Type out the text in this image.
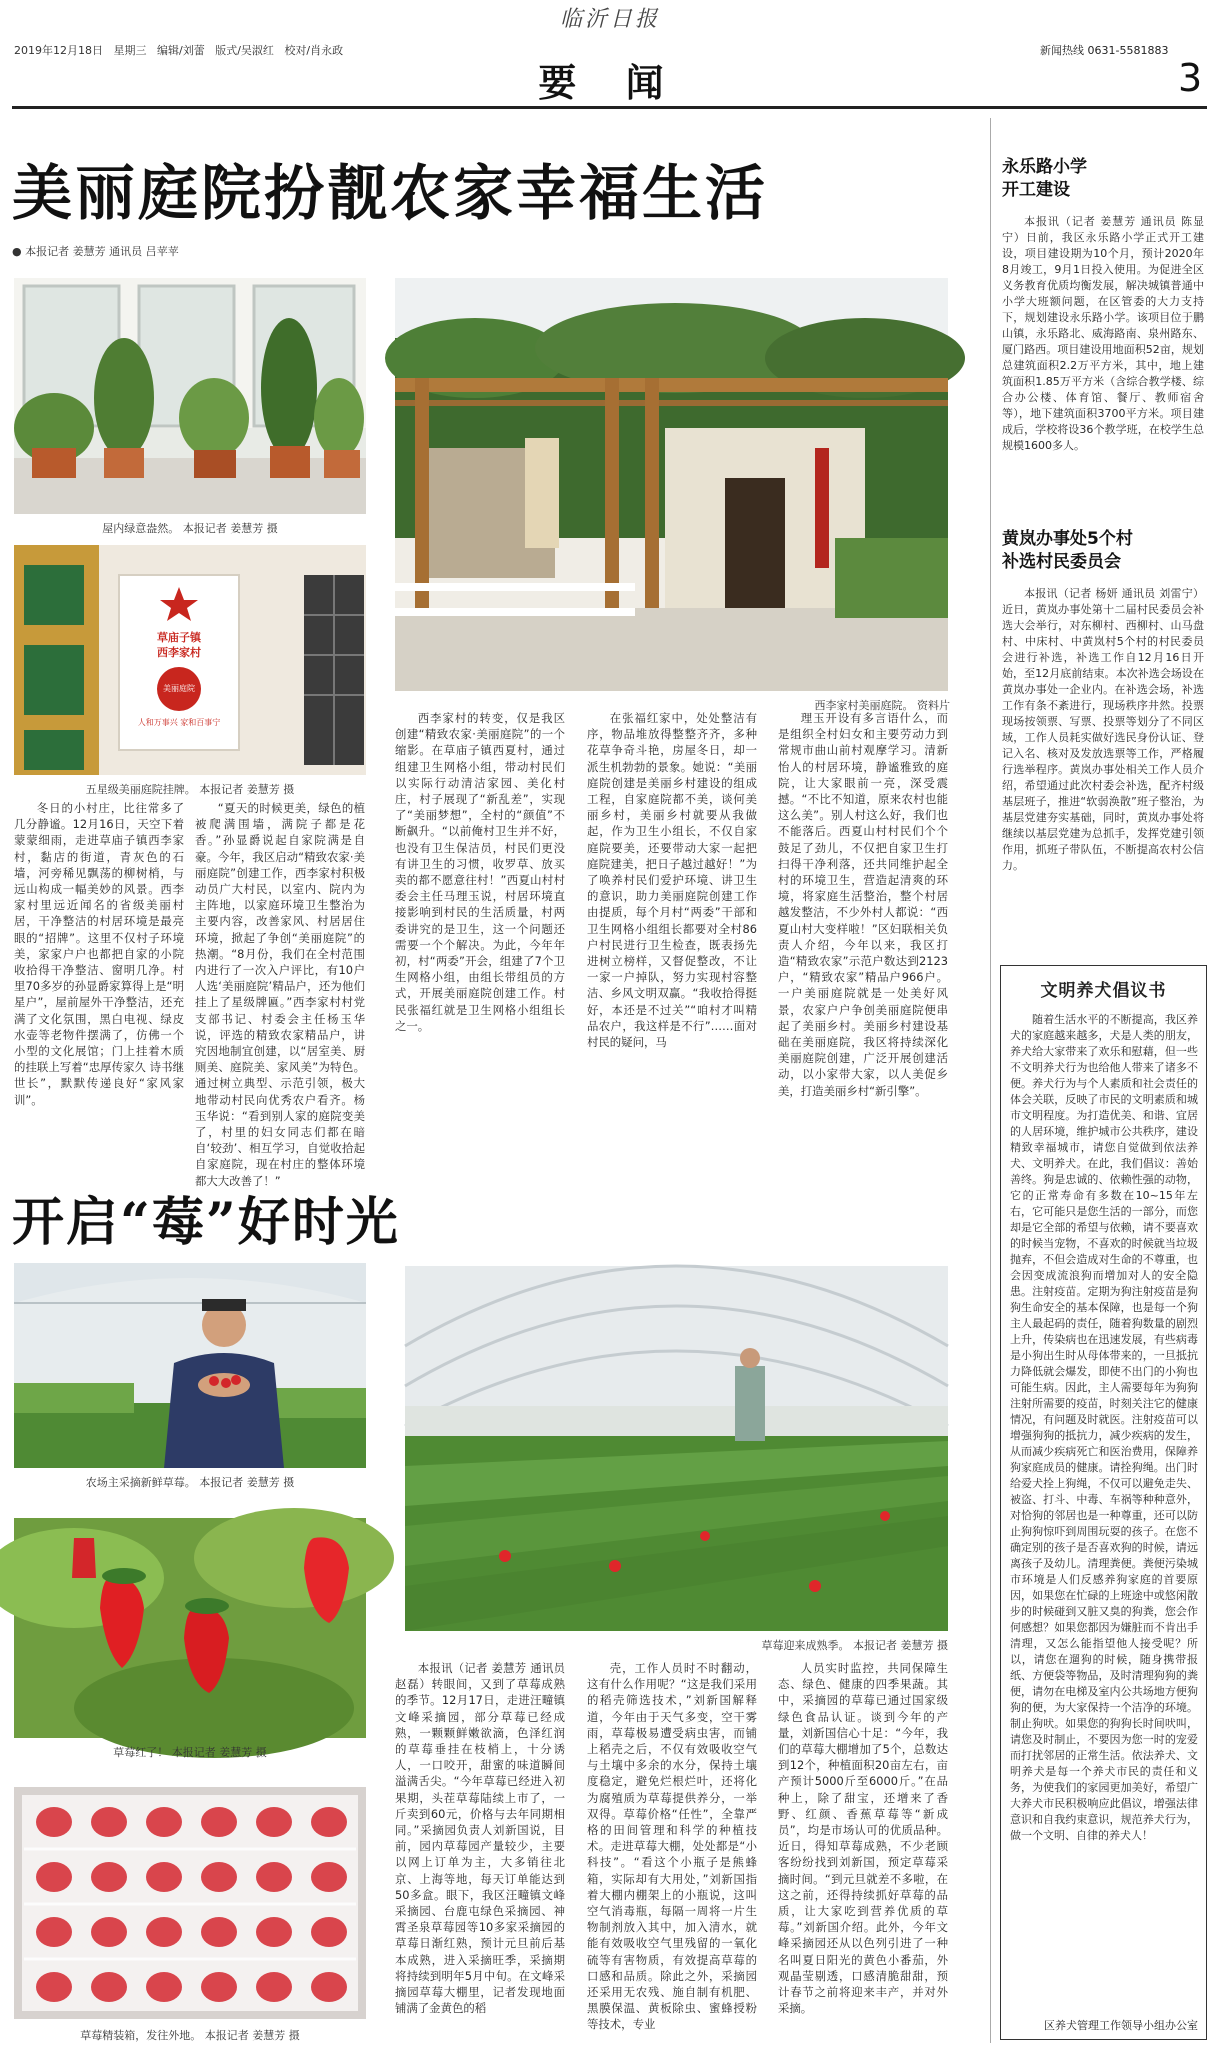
2019年12月18日 星期三 编辑/刘蕾 版式/吴淑红 校对/肖永政
临沂日报
要 闻
新闻热线 0631-5581883
3
美丽庭院扮靓农家幸福生活
● 本报记者 姜慧芳 通讯员 吕苹苹
屋内绿意盎然。 本报记者 姜慧芳 摄
草庙子镇
西李家村
美丽庭院
人和万事兴 家和百事宁
五星级美丽庭院挂牌。 本报记者 姜慧芳 摄
西李家村美丽庭院。 资料片

冬日的小村庄，比往常多了几分静谧。12月16日，天空下着蒙蒙细雨，走进草庙子镇西李家村，黏店的街道，青灰色的石墙，河旁稀见飘荡的柳树梢，与远山构成一幅美妙的风景。西李家村里远近闻名的省级美丽村居，干净整洁的村居环境是最亮眼的“招牌”。这里不仅村子环境美，家家户户也都把自家的小院收拾得干净整洁、窗明几净。村里70多岁的孙显爵家算得上是“明星户”，屋前屋外干净整洁，还充满了文化氛围，黑白电视、绿皮水壶等老物件摆满了，仿佛一个小型的文化展馆；门上挂着木质的挂联上写着“忠厚传家久 诗书继世长”，默默传递良好“家风家训”。

“夏天的时候更美，绿色的植被爬满围墙，满院子都是花香。”孙显爵说起自家院满是自豪。今年，我区启动“精致农家·美丽庭院”创建工作，西李家村积极动员广大村民，以室内、院内为主阵地，以家庭环境卫生整治为主要内容，改善家风、村居居住环境，掀起了争创“美丽庭院”的热潮。“8月份，我们在全村范围内进行了一次入户评比，有10户人选‘美丽庭院’精品户，还为他们挂上了星级牌匾。”西李家村村党支部书记、村委会主任杨玉华说，评选的精致农家精品户，讲究因地制宜创建，以“居室美、厨厕美、庭院美、家风美”为特色。通过树立典型、示范引领，极大地带动村民向优秀农户看齐。杨玉华说：“看到别人家的庭院变美了，村里的妇女同志们都在暗自‘较劲’、相互学习，自觉收拾起自家庭院，现在村庄的整体环境都大大改善了！”

西李家村的转变，仅是我区创建“精致农家·美丽庭院”的一个缩影。在草庙子镇西夏村，通过组建卫生网格小组，带动村民们以实际行动清洁家园、美化村庄，村子展现了“新乱差”，实现了“美丽梦想”，全村的“颜值”不断飙升。“以前俺村卫生并不好，也没有卫生保洁员，村民们更没有讲卫生的习惯，收罗草、放买卖的都不愿意往村！”西夏山村村委会主任马理玉说，村居环境直接影响到村民的生活质量，村两委讲究的是卫生，这一个问题还需要一个个解决。为此，今年年初，村“两委”开会，组建了7个卫生网格小组，由组长带组员的方式，开展美丽庭院创建工作。村民张福红就是卫生网格小组组长之一。

在张福红家中，处处整洁有序，物品堆放得整整齐齐，多种花草争奇斗艳，房屋冬日，却一派生机勃勃的景象。她说：“美丽庭院创建是美丽乡村建设的组成工程，自家庭院都不美，谈何美丽乡村，美丽乡村就要从我做起，作为卫生小组长，不仅自家庭院要美，还要带动大家一起把庭院建美，把日子越过越好！”为了唤养村民们爱护环境、讲卫生的意识，助力美丽庭院创建工作由提质，每个月村“两委”干部和卫生网格小组组长都要对全村86户村民进行卫生检查，既表扬先进树立榜样，又督促整改，不让一家一户掉队，努力实现村容整洁、乡风文明双赢。“我收拾得挺好，本还是不过关”“咱村才叫精品农户，我这样是不行”……面对村民的疑问，马

理玉开设有多言语什么，而是组织全村妇女和主要劳动力到常规市曲山前村观摩学习。清新怡人的村居环境，静谧雅致的庭院，让大家眼前一亮，深受震撼。“不比不知道，原来农村也能这么美”。别人村这么好，我们也不能落后。西夏山村村民们个个鼓足了劲儿，不仅把自家卫生打扫得干净利落，还共同维护起全村的环境卫生，营造起清爽的环境，将家庭生活整治，整个村居越发整洁，不少外村人都说：“西夏山村大变样啦！”区妇联相关负责人介绍，今年以来，我区打造“精致农家”示范户数达到2123户，“精致农家”精品户966户。一户美丽庭院就是一处美好风景，农家户户争创美丽庭院便串起了美丽乡村。美丽乡村建设基础在美丽庭院，我区将持续深化美丽庭院创建，广泛开展创建活动，以小家带大家，以人美促乡美，打造美丽乡村“新引擎”。

开启“莓”好时光
农场主采摘新鲜草莓。 本报记者 姜慧芳 摄
草莓红了！ 本报记者 姜慧芳 摄
草莓精装箱，发往外地。 本报记者 姜慧芳 摄
草莓迎来成熟季。 本报记者 姜慧芳 摄

本报讯（记者 姜慧芳 通讯员 赵磊）转眼间，又到了草莓成熟的季节。12月17日，走进汪疃镇文峰采摘园，部分草莓已经成熟，一颗颗鲜嫩欲滴，色泽红润的草莓垂挂在枝梢上，十分诱人，一口咬开，甜蜜的味道瞬间溢满舌尖。“今年草莓已经进入初果期，头茬草莓陆续上市了，一斤卖到60元，价格与去年同期相同。”采摘园负责人刘新国说，目前，园内草莓园产量较少，主要以网上订单为主，大多销往北京、上海等地，每天订单能达到50多盒。眼下，我区汪疃镇文峰采摘园、台鹿屯绿色采摘园、神霄圣泉草莓园等10多家采摘园的草莓日渐红熟，预计元旦前后基本成熟，进入采摘旺季，采摘期将持续到明年5月中旬。在文峰采摘园草莓大棚里，记者发现地面铺满了金黄色的稻

壳，工作人员时不时翻动，这有什么作用呢？“这是我们采用的稻壳筛选技术，”刘新国解释道，今年由于天气多变，空干雾雨，草莓极易遭受病虫害，而铺上稻壳之后，不仅有效吸收空气与土壤中多余的水分，保持土壤度稳定，避免烂根烂叶，还将化为腐殖质为草莓提供养分，一举双得。草莓价格“任性”，全靠严格的田间管理和科学的种植技术。走进草莓大棚，处处都是“小科技”。“看这个小瓶子是熊蜂箱，实际却有大用处，”刘新国指着大棚内棚架上的小瓶说，这叫空气消毒瓶，每隔一周将一片生物制剂放入其中，加入清水，就能有效吸收空气里残留的一氧化硫等有害物质，有效提高草莓的口感和品质。除此之外，采摘园还采用无农残、施自制有机肥、黑膜保温、黄板除虫、蜜蜂授粉等技术，专业

人员实时监控，共同保障生态、绿色、健康的四季果蔬。其中，采摘园的草莓已通过国家级绿色食品认证。谈到今年的产量，刘新国信心十足：“今年，我们的草莓大棚增加了5个，总数达到12个，种植面积20亩左右，亩产预计5000斤至6000斤。”在品种上，除了甜宝，还增来了香野、红颜、香蕉草莓等“新成员”，均是市场认可的优质品种。近日，得知草莓成熟，不少老顾客纷纷找到刘新国，预定草莓采摘时间。“到元旦就差不多啦，在这之前，还得持续抓好草莓的品质，让大家吃到营养优质的草莓。”刘新国介绍。此外，今年文峰采摘园还从以色列引进了一种名叫夏日阳光的黄色小番茄，外观晶莹剔透，口感清脆甜甜，预计春节之前将迎来丰产，并对外采摘。

永乐路小学
开工建设

本报讯（记者 姜慧芳 通讯员 陈显宁）日前，我区永乐路小学正式开工建设，项目建设期为10个月，预计2020年8月竣工，9月1日投入使用。为促进全区义务教育优质均衡发展，解决城镇普通中小学大班额问题，在区管委的大力支持下，规划建设永乐路小学。该项目位于鹏山镇，永乐路北、威海路南、泉州路东、厦门路西。项目建设用地面积52亩，规划总建筑面积2.2万平方米，其中，地上建筑面积1.85万平方米（含综合教学楼、综合办公楼、体育馆、餐厅、教师宿舍等），地下建筑面积3700平方米。项目建成后，学校将设36个教学班，在校学生总规模1600多人。

黄岚办事处5个村
补选村民委员会

本报讯（记者 杨妍 通讯员 刘雷宁）近日，黄岚办事处第十二届村民委员会补选大会举行，对东柳村、西柳村、山马盘村、中床村、中黄岚村5个村的村民委员会进行补选，补选工作自12月16日开始，至12月底前结束。本次补选会场设在黄岚办事处一企业内。在补选会场，补选工作有条不紊进行，现场秩序井然。投票现场按领票、写票、投票等划分了不同区域，工作人员耗实做好选民身份认证、登记入名、核对及发放选票等工作，严格履行选举程序。黄岚办事处相关工作人员介绍，希望通过此次村委会补选，配齐村级基层班子，推进“软弱涣散”班子整治，为基层党建夯实基础，同时，黄岚办事处将继续以基层党建为总抓手，发挥党建引领作用，抓班子带队伍，不断提高农村公信力。

文明养犬倡议书

随着生活水平的不断提高，我区养犬的家庭越来越多，犬是人类的朋友，养犬给大家带来了欢乐和慰藉，但一些不文明养犬行为也给他人带来了诸多不便。养犬行为与个人素质和社会责任的体会关联，反映了市民的文明素质和城市文明程度。为打造优美、和谐、宜居的人居环境，维护城市公共秩序，建设精致幸福城市，请您自觉做到依法养犬、文明养犬。在此，我们倡议：善始善终。狗是忠诚的、依赖性强的动物，它的正常寿命有多数在10~15年左右，它可能只是您生活的一部分，而您却是它全部的希望与依赖，请不要喜欢的时候当宠物，不喜欢的时候就当垃圾抛弃，不但会造成对生命的不尊重，也会因变成流浪狗而增加对人的安全隐患。注射疫苗。定期为狗注射疫苗是狗狗生命安全的基本保障，也是每一个狗主人最起码的责任，随着狗数量的剧烈上升，传染病也在迅速发展，有些病毒是小狗出生时从母体带来的，一旦抵抗力降低就会爆发，即使不出门的小狗也可能生病。因此，主人需要每年为狗狗注射所需要的疫苗，时刻关注它的健康情况，有问题及时就医。注射疫苗可以增强狗狗的抵抗力，减少疾病的发生，从而减少疾病死亡和医治费用，保障养狗家庭成员的健康。请拴狗绳。出门时给爱犬拴上狗绳，不仅可以避免走失、被盗、打斗、中毒、车祸等种种意外，对恰狗的邻居也是一种尊重，还可以防止狗狗惊吓到周围玩耍的孩子。在您不确定别的孩子是否喜欢狗的时候，请远离孩子及幼儿。清理粪便。粪便污染城市环境是人们反感养狗家庭的首要原因，如果您在忙碌的上班途中或悠闲散步的时候碰到又脏又臭的狗粪，您会作何感想？如果您都因为嫌脏而不肯出手清理，又怎么能指望他人接受呢？所以，请您在遛狗的时候，随身携带报纸、方便袋等物品，及时清理狗狗的粪便，请勿在电梯及室内公共场地方便狗狗的便，为大家保持一个洁净的环境。制止狗吠。如果您的狗狗长时间吠叫，请您及时制止，不要因为您一时的宠爱而打扰邻居的正常生活。依法养犬、文明养犬是每一个养犬市民的责任和义务，为使我们的家园更加美好，希望广大养犬市民积极响应此倡议，增强法律意识和自我约束意识，规范养犬行为，做一个文明、自律的养犬人！

区养犬管理工作领导小组办公室
